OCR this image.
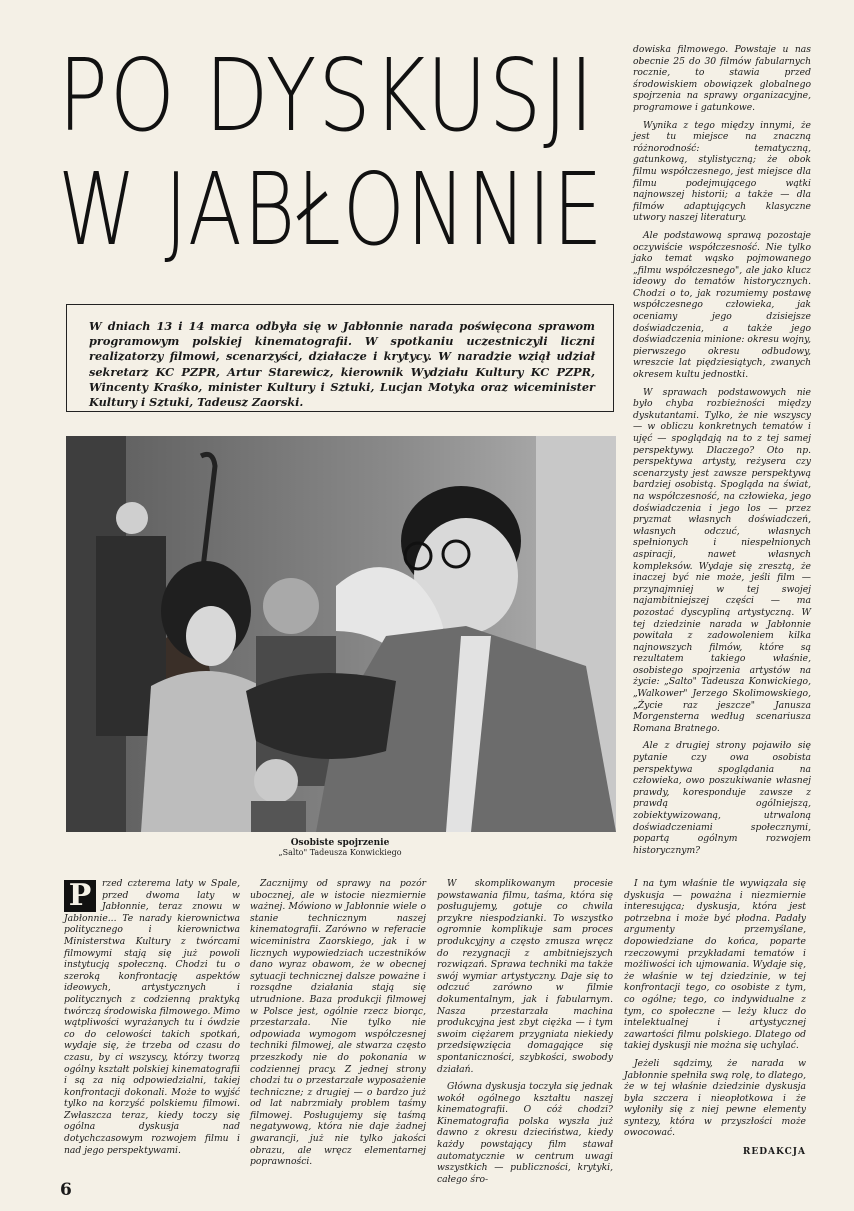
PO DYSKUSJI
W JABŁONNIE

dowiska filmowego. Powstaje u nas obecnie 25 do 30 filmów fabularnych rocznie, to stawia przed środowiskiem obowiązek globalnego spojrzenia na sprawy organizacyjne, programowe i gatunkowe.

Wynika z tego między innymi, że jest tu miejsce na znaczną różnorodność: tematyczną, gatunkową, stylistyczną; że obok filmu współczesnego, jest miejsce dla filmu podejmującego wątki najnowszej historii; a także — dla filmów adaptujących klasyczne utwory naszej literatury.

Ale podstawową sprawą pozostaje oczywiście współczesność. Nie tylko jako temat wąsko pojmowanego „filmu współczesnego", ale jako klucz ideowy do tematów historycznych. Chodzi o to, jak rozumiemy postawę współczesnego człowieka, jak oceniamy jego dzisiejsze doświadczenia, a także jego doświadczenia minione: okresu wojny, pierwszego okresu odbudowy, wreszcie lat piędziesiątych, zwanych okresem kultu jednostki.

W sprawach podstawowych nie było chyba rozbieżności między dyskutantami. Tylko, że nie wszyscy — w obliczu konkretnych tematów i ujęć — spoglądają na to z tej samej perspektywy. Dlaczego? Oto np. perspektywa artysty, reżysera czy scenarzysty jest zawsze perspektywą bardziej osobistą. Spogląda na świat, na współczesność, na człowieka, jego doświadczenia i jego los — przez pryzmat własnych doświadczeń, własnych odczuć, własnych spełnionych i niespełnionych aspiracji, nawet własnych kompleksów. Wydaje się zresztą, że inaczej być nie może, jeśli film — przynajmniej w tej swojej najambitniejszej części — ma pozostać dyscypliną artystyczną. W tej dziedzinie narada w Jabłonnie powitała z zadowoleniem kilka najnowszych filmów, które są rezultatem takiego właśnie, osobistego spojrzenia artystów na życie: „Salto" Tadeusza Konwickiego, „Walkower" Jerzego Skolimowskiego, „Życie raz jeszcze" Janusza Morgensterna według scenariusza Romana Bratnego.

Ale z drugiej strony pojawiło się pytanie czy owa osobista perspektywa spoglądania na człowieka, owo poszukiwanie własnej prawdy, koresponduje zawsze z prawdą ogólniejszą, zobiektywizowaną, utrwaloną doświadczeniami społecznymi, popartą ogólnym rozwojem historycznym?

W dniach 13 i 14 marca odbyła się w Jabłonnie narada poświęcona sprawom programowym polskiej kinematografii. W spotkaniu uczestniczyli liczni realizatorzy filmowi, scenarzyści, działacze i krytycy. W naradzie wziął udział sekretarz KC PZPR, Artur Starewicz, kierownik Wydziału Kultury KC PZPR, Wincenty Kraśko, minister Kultury i Sztuki, Lucjan Motyka oraz wiceminister Kultury i Sztuki, Tadeusz Zaorski.
Osobiste spojrzenie
„Salto" Tadeusza Konwickiego

P	rzed czterema laty w Spale, przed dwoma laty w Jabłonnie, teraz znowu w Jabłonnie... Te narady kierownictwa politycznego i kierownictwa Ministerstwa Kultury z twórcami filmowymi stają się już powoli instytucją społeczną. Chodzi tu o szeroką konfrontację aspektów ideowych, artystycznych i politycznych z codzienną praktyką twórczą środowiska filmowego. Mimo wątpliwości wyrażanych tu i ówdzie co do celowości takich spotkań, wydaje się, że trzeba od czasu do czasu, by ci wszyscy, którzy tworzą ogólny kształt polskiej kinematografii i są za nią odpowiedzialni, takiej konfrontacji dokonali. Może to wyjść tylko na korzyść polskiemu filmowi. Zwłaszcza teraz, kiedy toczy się ogólna dyskusja nad dotychczasowym rozwojem filmu i nad jego perspektywami.

Zacznijmy od sprawy na pozór ubocznej, ale w istocie niezmiernie ważnej. Mówiono w Jabłonnie wiele o stanie technicznym naszej kinematografii. Zarówno w referacie wiceministra Zaorskiego, jak i w licznych wypowiedziach uczestników dano wyraz obawom, że w obecnej sytuacji technicznej dalsze poważne i rozsądne działania stają się utrudnione. Baza produkcji filmowej w Polsce jest, ogólnie rzecz biorąc, przestarzała. Nie tylko nie odpowiada wymogom współczesnej techniki filmowej, ale stwarza często przeszkody nie do pokonania w codziennej pracy. Z jednej strony chodzi tu o przestarzałe wyposażenie techniczne; z drugiej — o bardzo już od lat nabrzmiały problem taśmy filmowej. Posługujemy się taśmą negatywową, która nie daje żadnej gwarancji, już nie tylko jakości obrazu, ale wręcz elementarnej poprawności.

W skomplikowanym procesie powstawania filmu, taśma, która się posługujemy, gotuje co chwila przykre niespodzianki. To wszystko ogromnie komplikuje sam proces produkcyjny a często zmusza wręcz do rezygnacji z ambitniejszych rozwiązań. Sprawa techniki ma także swój wymiar artystyczny. Daje się to odczuć zarówno w filmie dokumentalnym, jak i fabularnym. Nasza przestarzała machina produkcyjna jest zbyt ciężka — i tym swoim ciężarem przygniata niekiedy przedsięwzięcia domagające się spontaniczności, szybkości, swobody działań.

Główna dyskusja toczyła się jednak wokół ogólnego kształtu naszej kinematografii. O cóż chodzi? Kinematografia polska wyszła już dawno z okresu dzieciństwa, kiedy każdy powstający film stawał automatycznie w centrum uwagi wszystkich — publiczności, krytyki, całego śro-

I na tym właśnie tle wywiązała się dyskusja — poważna i niezmiernie interesująca; dyskusja, która jest potrzebna i może być płodna. Padały argumenty przemyślane, dopowiedziane do końca, poparte rzeczowymi przykładami tematów i możliwości ich ujmowania. Wydaje się, że właśnie w tej dziedzinie, w tej konfrontacji tego, co osobiste z tym, co ogólne; tego, co indywidualne z tym, co społeczne — leży klucz do intelektualnej i artystycznej zawartości filmu polskiego. Dlatego od takiej dyskusji nie można się uchylać.

Jeżeli sądzimy, że narada w Jabłonnie spełniła swą rolę, to dlatego, że w tej właśnie dziedzinie dyskusja była szczera i nieopłotkowa i że wyłoniły się z niej pewne elementy syntezy, która w przyszłości może owocować.

REDAKCJA
6
